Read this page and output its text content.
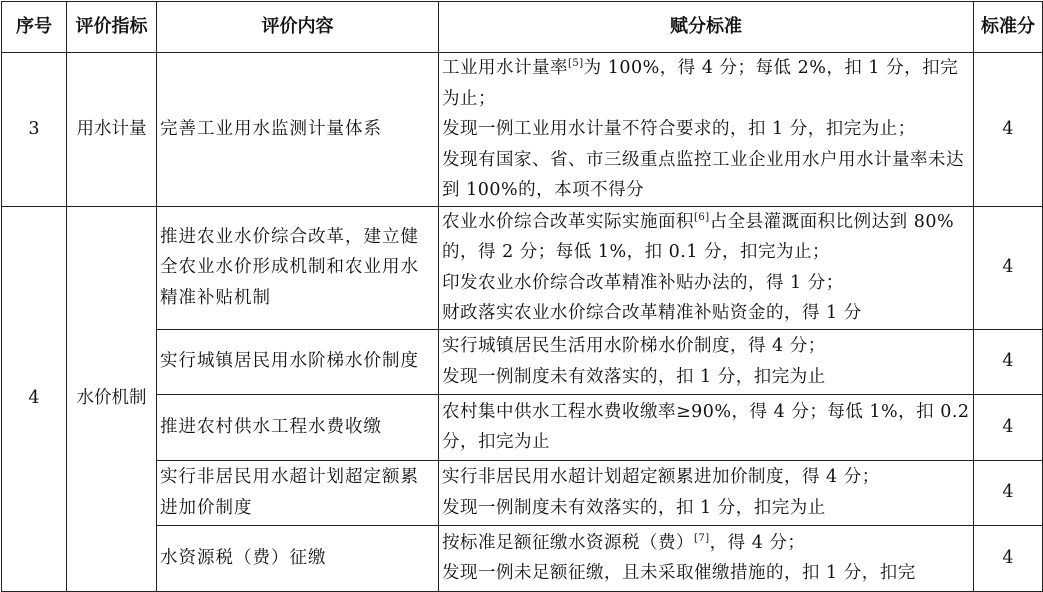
序号	评价指标	评价内容	赋分标准	标准分
3	用水计量	完善工业用水监测计量体系	工业用水计量率[5]为 100%，得 4 分；每低 2%，扣 1 分，扣完为止；
发现一例工业用水计量不符合要求的，扣 1 分，扣完为止；
发现有国家、省、市三级重点监控工业企业用水户用水计量率未达到 100%的，本项不得分	4
4	水价机制	推进农业水价综合改革，建立健全农业水价形成机制和农业用水精准补贴机制	农业水价综合改革实际实施面积[6]占全县灌溉面积比例达到 80%的，得 2 分；每低 1%，扣 0.1 分，扣完为止；
印发农业水价综合改革精准补贴办法的，得 1 分；
财政落实农业水价综合改革精准补贴资金的，得 1 分	4
		实行城镇居民用水阶梯水价制度	实行城镇居民生活用水阶梯水价制度，得 4 分；
发现一例制度未有效落实的，扣 1 分，扣完为止	4
		推进农村供水工程水费收缴	农村集中供水工程水费收缴率≥90%，得 4 分；每低 1%，扣 0.2 分，扣完为止	4
		实行非居民用水超计划超定额累进加价制度	实行非居民用水超计划超定额累进加价制度，得 4 分；
发现一例制度未有效落实的，扣 1 分，扣完为止	4
		水资源税（费）征缴	按标准足额征缴水资源税（费）[7]，得 4 分；
发现一例未足额征缴，且未采取催缴措施的，扣 1 分，扣完	4
